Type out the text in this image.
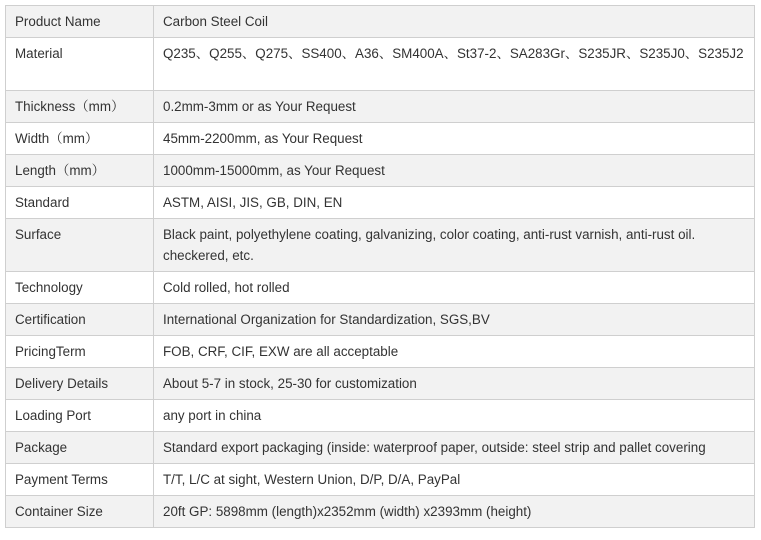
Product Name	Carbon Steel Coil
Material	Q235、Q255、Q275、SS400、A36、SM400A、St37-2、SA283Gr、S235JR、S235J0、S235J2
Thickness（mm）	0.2mm-3mm or as Your Request
Width（mm）	45mm-2200mm, as Your Request
Length（mm）	1000mm-15000mm, as Your Request
Standard	ASTM, AISI, JIS, GB, DIN, EN
Surface	Black paint, polyethylene coating, galvanizing, color coating, anti-rust varnish, anti-rust oil. checkered, etc.
Technology	Cold rolled, hot rolled
Certification	International Organization for Standardization, SGS,BV
PricingTerm	FOB, CRF, CIF, EXW are all acceptable
Delivery Details	About 5-7 in stock, 25-30 for customization
Loading Port	any port in china
Package	Standard export packaging (inside: waterproof paper, outside: steel strip and pallet covering
Payment Terms	T/T, L/C at sight, Western Union, D/P, D/A, PayPal
Container Size	20ft GP: 5898mm (length)x2352mm (width) x2393mm (height)
